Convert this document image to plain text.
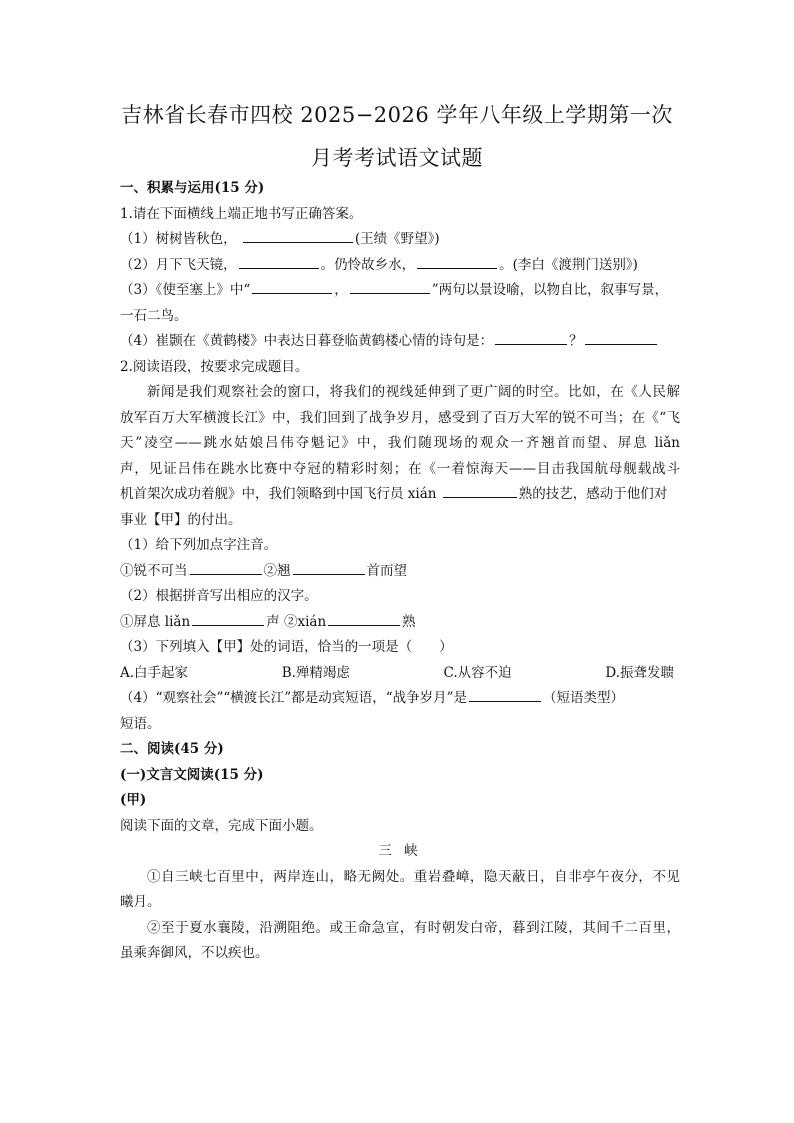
吉林省长春市四校 2025−2026 学年八年级上学期第一次
月考考试语文试题
一、积累与运用(15 分)
1.请在下面横线上端正地书写正确答案。
（1）树树皆秋色，	(王绩《野望》)
（2）月下飞天镜，	。仍怜故乡水，	。(李白《渡荆门送别》)
（3）《使至塞上》中“	，	”两句以景设喻，以物自比，叙事写景，
一石二鸟。
（4）崔颢在《黄鹤楼》中表达日暮登临黄鹤楼心情的诗句是：	？
2.阅读语段，按要求完成题目。
新闻是我们观察社会的窗口，将我们的视线延伸到了更广阔的时空。比如，在《人民解
放军百万大军横渡长江》中，我们回到了战争岁月，感受到了百万大军的锐不可当；在《“飞
天”凌空——跳水姑娘吕伟夺魁记》中，我们随现场的观众一齐翘首而望、屏息 liǎn
声，见证吕伟在跳水比赛中夺冠的精彩时刻；在《一着惊海天——目击我国航母舰载战斗
机首架次成功着舰》中，我们领略到中国飞行员 xián	熟的技艺，感动于他们对
事业【甲】的付出。
（1）给下列加点字注音。
①锐不可当	②翘	首而望
（2）根据拼音写出相应的汉字。
①屏息 liǎn	声 ②xián	熟
（3）下列填入【甲】处的词语，恰当的一项是（　　）
A.白手起家	B.殚精竭虑	C.从容不迫	D.振聋发聩
（4）“观察社会”“横渡长江”都是动宾短语，“战争岁月”是	（短语类型）
短语。
二、阅读(45 分)
(一)文言文阅读(15 分)
(甲)
阅读下面的文章，完成下面小题。
三 峡
①自三峡七百里中，两岸连山，略无阙处。重岩叠嶂，隐天蔽日，自非亭午夜分，不见
曦月。
②至于夏水襄陵，沿溯阻绝。或王命急宣，有时朝发白帝，暮到江陵，其间千二百里，
虽乘奔御风，不以疾也。
